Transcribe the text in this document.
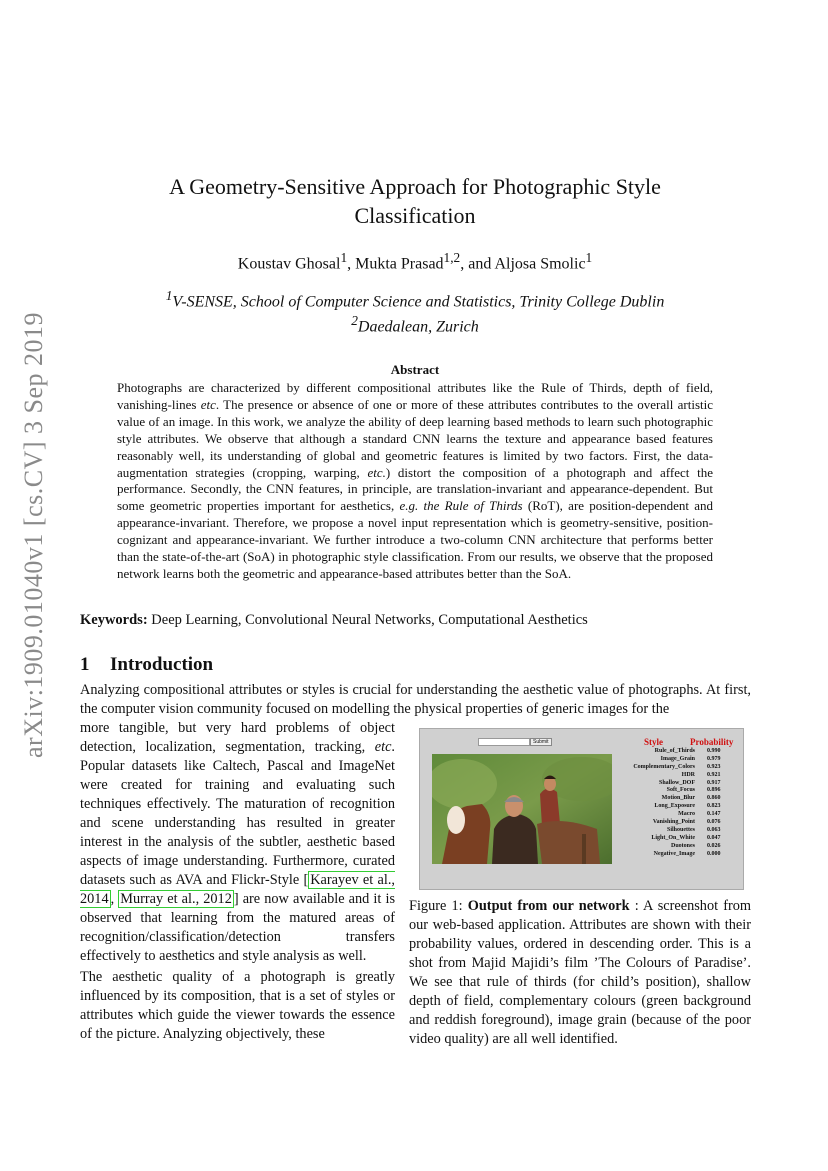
arXiv:1909.01040v1 [cs.CV] 3 Sep 2019
A Geometry-Sensitive Approach for Photographic Style
Classification
Koustav Ghosal$^1$, Mukta Prasad$^{1,2}$, and Aljosa Smolic$^1$
$^1$V-SENSE, School of Computer Science and Statistics, Trinity College Dublin
$^2$Daedalean, Zurich
Abstract

Photographs are characterized by different compositional attributes like the Rule of Thirds, depth of field, vanishing-lines etc. The presence or absence of one or more of these attributes contributes to the overall artistic value of an image. In this work, we analyze the ability of deep learning based methods to learn such photographic style attributes. We observe that although a standard CNN learns the texture and appearance based features reasonably well, its understanding of global and geometric features is limited by two factors. First, the data-augmentation strategies (cropping, warping, etc.) distort the composition of a photograph and affect the performance. Secondly, the CNN features, in principle, are translation-invariant and appearance-dependent. But some geometric properties important for aesthetics, e.g. the Rule of Thirds (RoT), are position-dependent and appearance-invariant. Therefore, we propose a novel input representation which is geometry-sensitive, position-cognizant and appearance-invariant. We further introduce a two-column CNN architecture that performs better than the state-of-the-art (SoA) in photographic style classification. From our results, we observe that the proposed network learns both the geometric and appearance-based attributes better than the SoA.

Keywords: Deep Learning, Convolutional Neural Networks, Computational Aesthetics

1 Introduction

Analyzing compositional attributes or styles is crucial for understanding the aesthetic value of photographs. At first, the computer vision community focused on modelling the physical properties of generic images for the

more tangible, but very hard problems of object detection, localization, segmentation, tracking, etc. Popular datasets like Caltech, Pascal and ImageNet were created for training and evaluating such techniques effectively. The maturation of recognition and scene understanding has resulted in greater interest in the analysis of the subtler, aesthetic based aspects of image understanding. Furthermore, curated datasets such as AVA and Flickr-Style [ Karayev et al., 2014 , Murray et al., 2012 ] are now available and it is observed that learning from the matured areas of recognition/classification/detection transfers effectively to aesthetics and style analysis as well.

The aesthetic quality of a photograph is greatly influenced by its composition, that is a set of styles or attributes which guide the viewer towards the essence of the picture. Analyzing objectively, these

Submit	Style	Probability
Rule_of_Thirds 0.990
Image_Grain 0.979
Complementary_Colors 0.923
HDR 0.921
Shallow_DOF 0.917
Soft_Focus 0.896
Motion_Blur 0.860
Long_Exposure 0.823
Macro 0.147
Vanishing_Point 0.076
Silhouettes 0.063
Light_On_White 0.047
Duotones 0.026
Negative_Image 0.000

Figure 1: Output from our network : A screenshot from our web-based application. Attributes are shown with their probability values, ordered in descending order. This is a shot from Majid Majidi’s film ’The Colours of Paradise’. We see that rule of thirds (for child’s position), shallow depth of field, complementary colours (green background and reddish foreground), image grain (because of the poor video quality) are all well identified.
